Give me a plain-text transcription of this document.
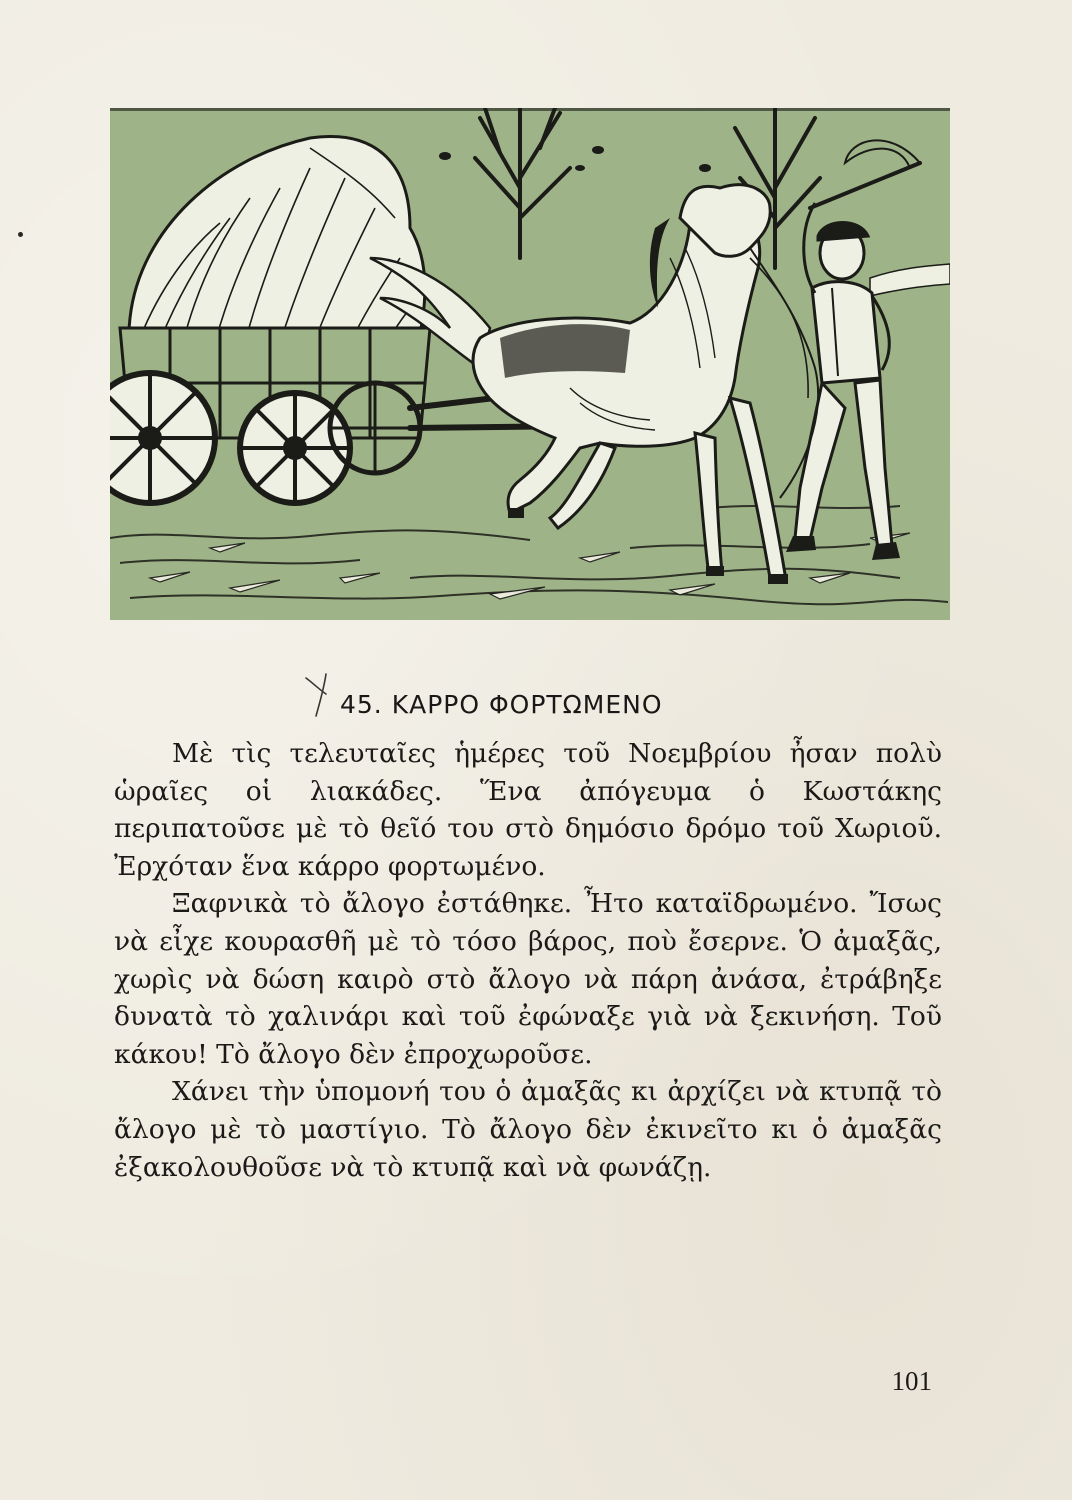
45. ΚΑΡΡΟ ΦΟΡΤΩΜΕΝΟ

Μὲ τὶς τελευταῖες ἡμέρες τοῦ Νοεμβρίου ἦσαν πολὺ ὡραῖες οἱ λιακάδες. Ἕνα ἀπόγευμα ὁ Κωστάκης περιπατοῦσε μὲ τὸ θεῖό του στὸ δημόσιο δρόμο τοῦ Χωριοῦ. Ἐρχόταν ἕνα κάρρο φορτωμένο.

Ξαφνικὰ τὸ ἄλογο ἐστάθηκε. Ἦτο καταϊδρωμένο. Ἴσως νὰ εἶχε κουρασθῆ μὲ τὸ τόσο βάρος, ποὺ ἔσερνε. Ὁ ἀμαξᾶς, χωρὶς νὰ δώση καιρὸ στὸ ἄλογο νὰ πάρη ἀνάσα, ἐτράβηξε δυνατὰ τὸ χαλινάρι καὶ τοῦ ἐφώναξε γιὰ νὰ ξεκινήση. Τοῦ κάκου! Τὸ ἄλογο δὲν ἐπροχωροῦσε.

Χάνει τὴν ὑπομονή του ὁ ἀμαξᾶς κι ἀρχίζει νὰ κτυπᾷ τὸ ἄλογο μὲ τὸ μαστίγιο. Τὸ ἄλογο δὲν ἐκινεῖτο κι ὁ ἀμαξᾶς ἐξακολουθοῦσε νὰ τὸ κτυπᾷ καὶ νὰ φωνάζῃ.

101
